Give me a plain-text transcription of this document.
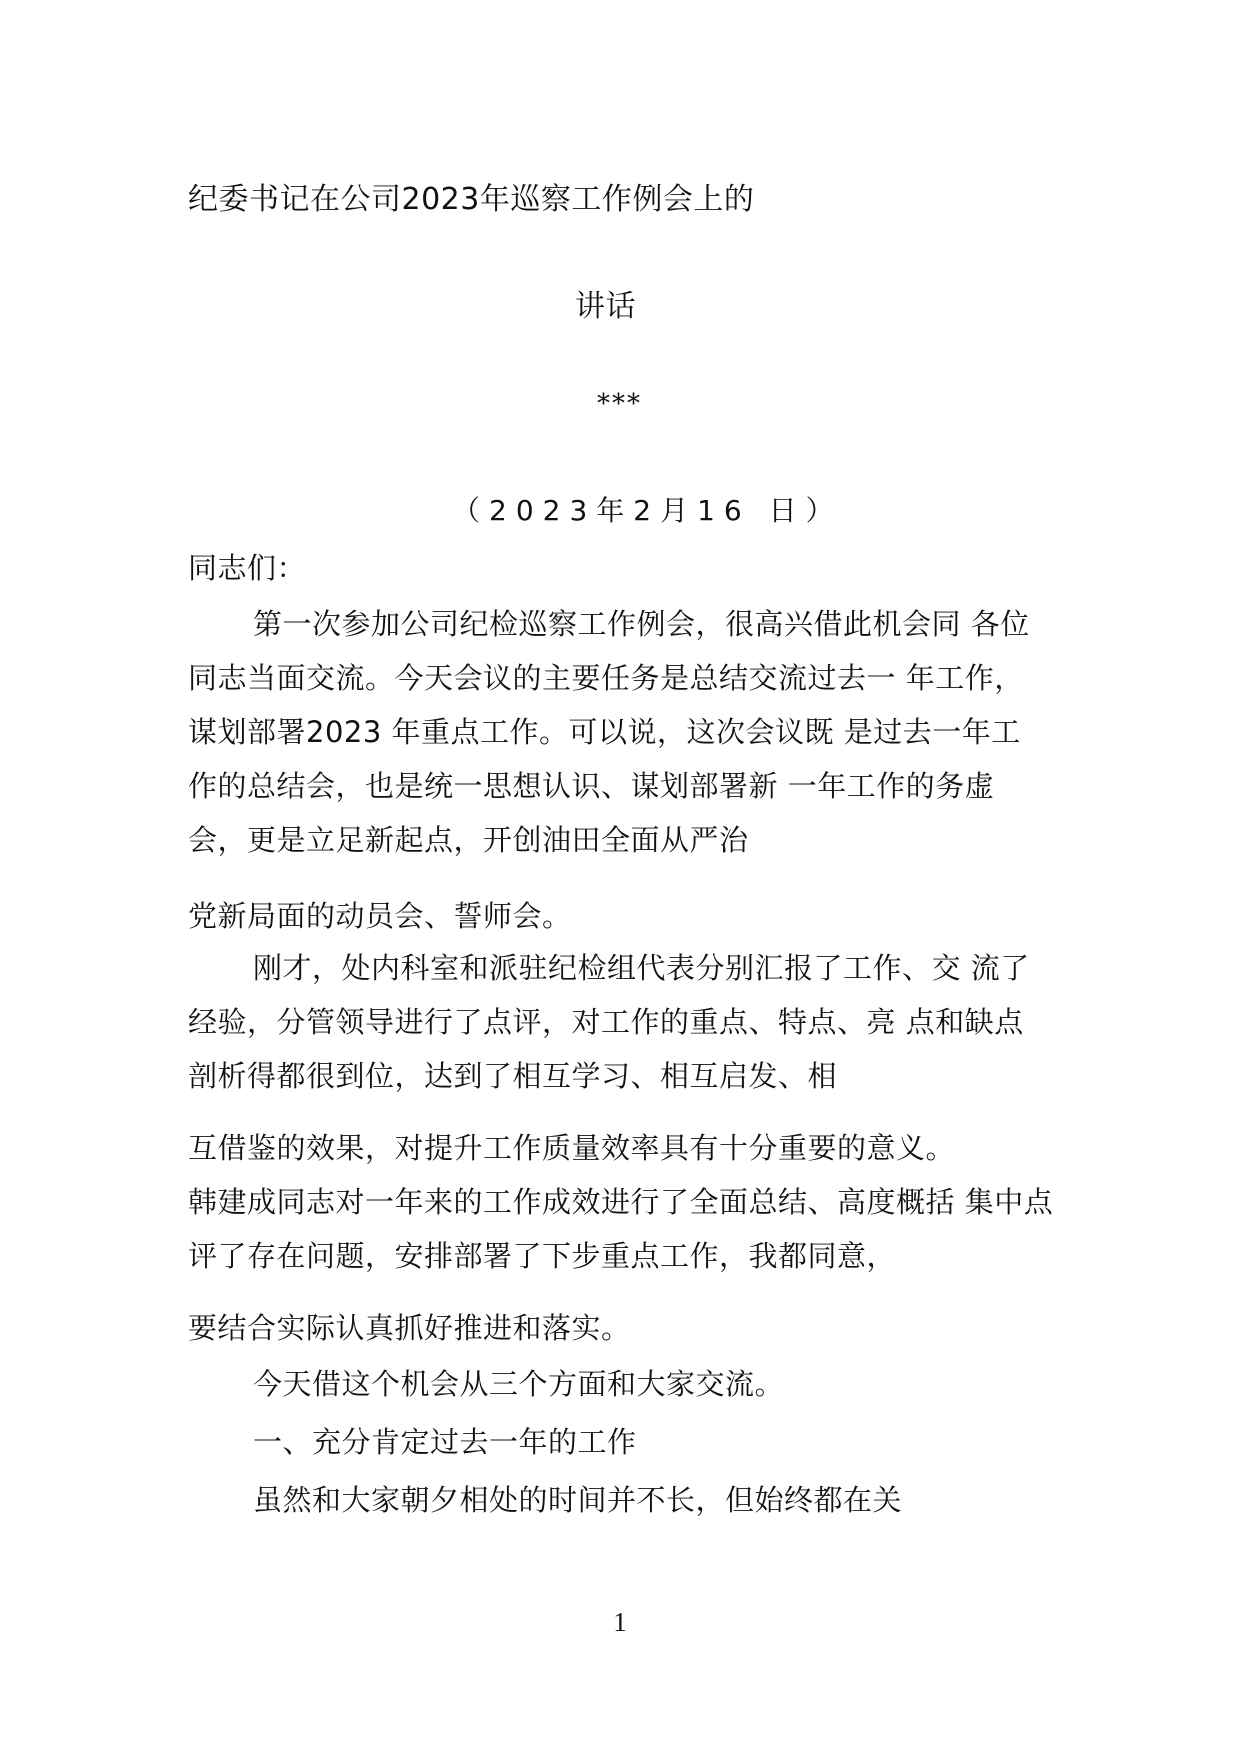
纪委书记在公司2023年巡察工作例会上的
讲话
***
（2023年2月16 日）
同志们：
第一次参加公司纪检巡察工作例会，很高兴借此机会同 各位
同志当面交流。今天会议的主要任务是总结交流过去一 年工作，
谋划部署2023 年重点工作。可以说，这次会议既 是过去一年工
作的总结会，也是统一思想认识、谋划部署新 一年工作的务虚
会，更是立足新起点，开创油田全面从严治
党新局面的动员会、誓师会。
刚才，处内科室和派驻纪检组代表分别汇报了工作、交 流了
经验，分管领导进行了点评，对工作的重点、特点、亮 点和缺点
剖析得都很到位，达到了相互学习、相互启发、相
互借鉴的效果，对提升工作质量效率具有十分重要的意义。
韩建成同志对一年来的工作成效进行了全面总结、高度概括 集中点
评了存在问题，安排部署了下步重点工作，我都同意，
要结合实际认真抓好推进和落实。
今天借这个机会从三个方面和大家交流。
一、充分肯定过去一年的工作
虽然和大家朝夕相处的时间并不长，但始终都在关
1
